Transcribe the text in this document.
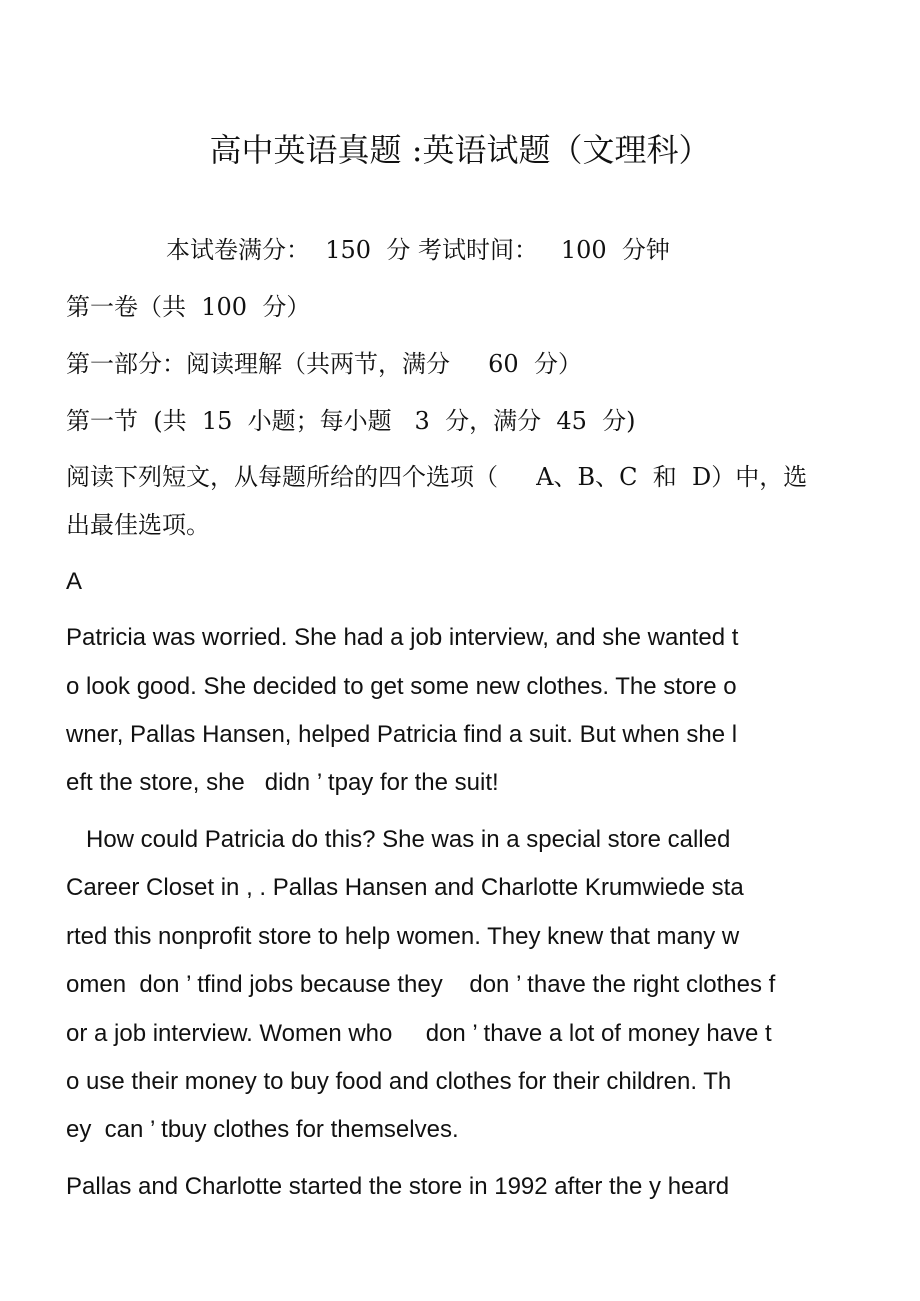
高中英语真题 :英语试题（文理科）
本试卷满分：  150  分 考试时间：   100  分钟
第一卷（共  100  分）
第一部分：阅读理解（共两节，满分     60  分）
第一节  (共  15  小题；每小题   3  分，满分  45  分)
阅读下列短文，从每题所给的四个选项（     A、B、C  和  D）中，选
出最佳选项。
A
Patricia was worried. She had a job interview, and she wanted t
o look good. She decided to get some new clothes. The store o
wner, Pallas Hansen, helped Patricia find a suit. But when she l
eft the store, she   didn ’ tpay for the suit!
How could Patricia do this? She was in a special store called
Career Closet in , . Pallas Hansen and Charlotte Krumwiede sta
rted this nonprofit store to help women. They knew that many w
omen  don ’ tfind jobs because they    don ’ thave the right clothes f
or a job interview. Women who     don ’ thave a lot of money have t
o use their money to buy food and clothes for their children. Th
ey  can ’ tbuy clothes for themselves.
Pallas and Charlotte started the store in 1992 after the y heard
